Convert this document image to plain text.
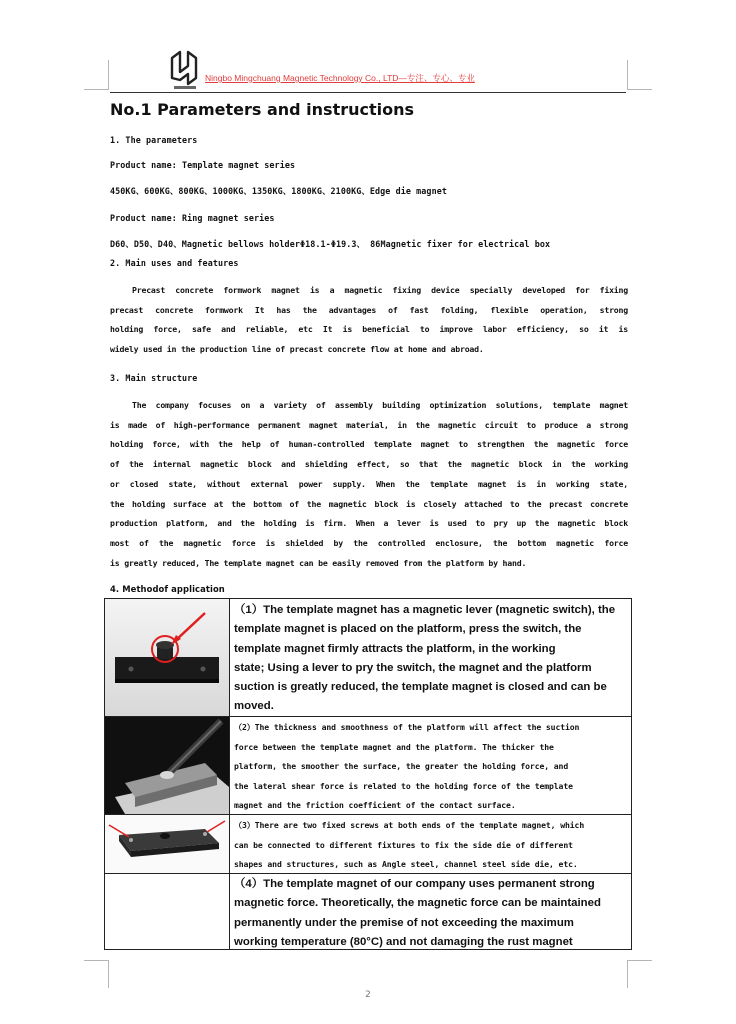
Ningbo Mingchuang Magnetic Technology Co., LTD—专注、专心、专业
No.1 Parameters and instructions
1. The parameters
Product name: Template magnet series
450KG、600KG、800KG、1000KG、1350KG、1800KG、2100KG、Edge die magnet
Product name: Ring magnet series
D60、D50、D40、Magnetic bellows holderΦ18.1-Φ19.3、 86Magnetic fixer for electrical box
2. Main uses and features

Precast concrete formwork magnet is a magnetic fixing device specially developed for fixing

precast concrete formwork It has the advantages of fast folding, flexible operation, strong

holding force, safe and reliable, etc It is beneficial to improve labor efficiency, so it is

widely used in the production line of precast concrete flow at home and abroad.

3. Main structure

The company focuses on a variety of assembly building optimization solutions, template magnet

is made of high-performance permanent magnet material, in the magnetic circuit to produce a strong

holding force, with the help of human-controlled template magnet to strengthen the magnetic force

of the internal magnetic block and shielding effect, so that the magnetic block in the working

or closed state, without external power supply. When the template magnet is in working state,

the holding surface at the bottom of the magnetic block is closely attached to the precast concrete

production platform, and the holding is firm. When a lever is used to pry up the magnetic block

most of the magnetic force is shielded by the controlled enclosure, the bottom magnetic force

is greatly reduced, The template magnet can be easily removed from the platform by hand.

4. Methodof application

（1）The template magnet has a magnetic lever (magnetic switch), the

template magnet is placed on the platform, press the switch, the

template magnet firmly attracts the platform, in the working

state; Using a lever to pry the switch, the magnet and the platform

suction is greatly reduced, the template magnet is closed and can be

moved.

（2）The thickness and smoothness of the platform will affect the suction

force between the template magnet and the platform. The thicker the

platform, the smoother the surface, the greater the holding force, and

the lateral shear force is related to the holding force of the template

magnet and the friction coefficient of the contact surface.

（3）There are two fixed screws at both ends of the template magnet, which

can be connected to different fixtures to fix the side die of different

shapes and structures, such as Angle steel, channel steel side die, etc.

（4）The template magnet of our company uses permanent strong

magnetic force. Theoretically, the magnetic force can be maintained

permanently under the premise of not exceeding the maximum

working temperature (80°C) and not damaging the rust magnet

2
